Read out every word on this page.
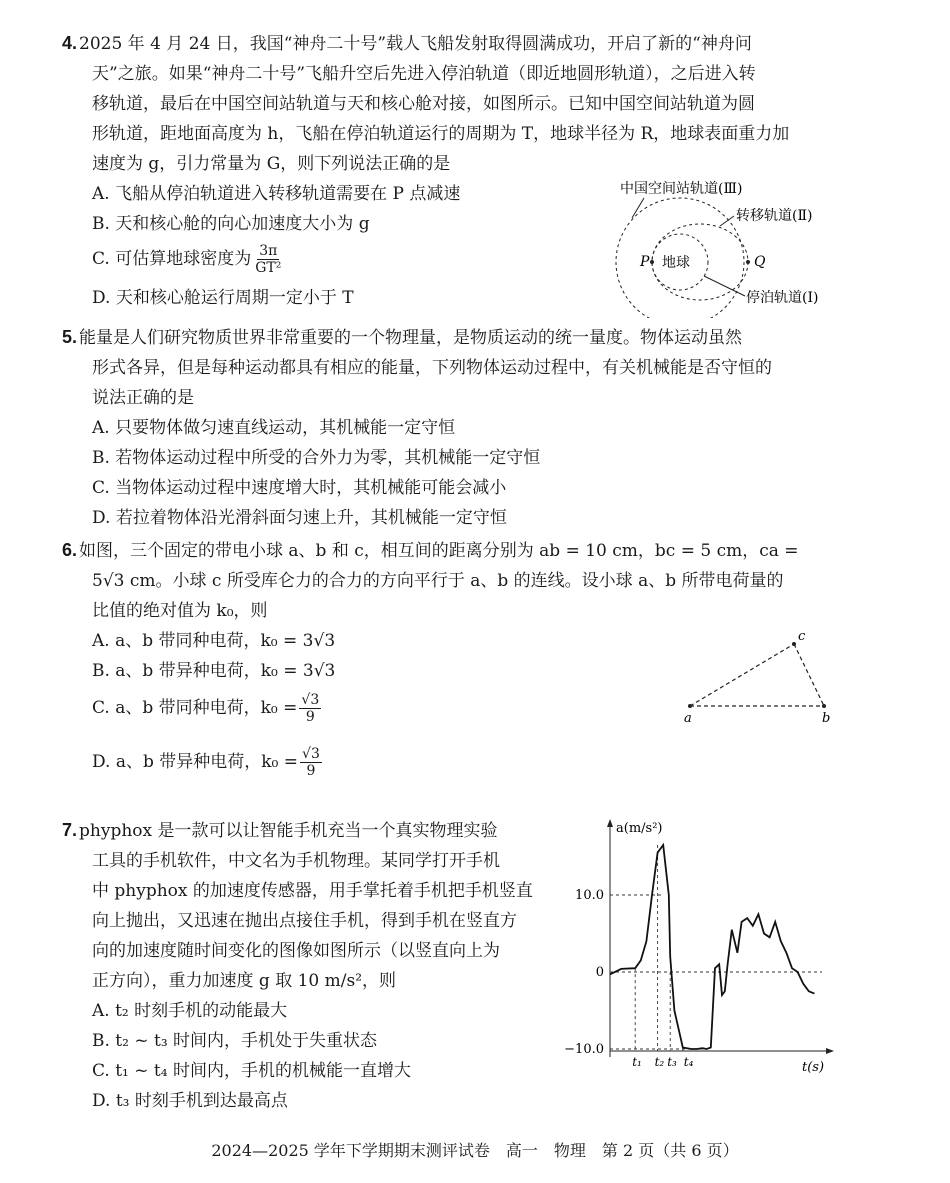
4. 2025 年 4 月 24 日，我国“神舟二十号”载人飞船发射取得圆满成功，开启了新的“神舟问
天”之旅。如果“神舟二十号”飞船升空后先进入停泊轨道（即近地圆形轨道），之后进入转
移轨道，最后在中国空间站轨道与天和核心舱对接，如图所示。已知中国空间站轨道为圆
形轨道，距地面高度为 h，飞船在停泊轨道运行的周期为 T，地球半径为 R，地球表面重力加
速度为 g，引力常量为 G，则下列说法正确的是
A. 飞船从停泊轨道进入转移轨道需要在 P 点减速
B. 天和核心舱的向心加速度大小为 g
C. 可估算地球密度为 $\frac{3\pi}{\text{GT²}}$
D. 天和核心舱运行周期一定小于 T
P	Q
地球
中国空间站轨道(Ⅲ)
转移轨道(Ⅱ)
停泊轨道(Ⅰ)
5. 能量是人们研究物质世界非常重要的一个物理量，是物质运动的统一量度。物体运动虽然
形式各异，但是每种运动都具有相应的能量，下列物体运动过程中，有关机械能是否守恒的
说法正确的是
A. 只要物体做匀速直线运动，其机械能一定守恒
B. 若物体运动过程中所受的合外力为零，其机械能一定守恒
C. 当物体运动过程中速度增大时，其机械能可能会减小
D. 若拉着物体沿光滑斜面匀速上升，其机械能一定守恒
6. 如图，三个固定的带电小球 a、b 和 c，相互间的距离分别为 ab = 10 cm，bc = 5 cm，ca =
5√3 cm。小球 c 所受库仑力的合力的方向平行于 a、b 的连线。设小球 a、b 所带电荷量的
比值的绝对值为 k₀，则
A. a、b 带同种电荷，k₀ = 3√3
B. a、b 带异种电荷，k₀ = 3√3
C. a、b 带同种电荷，$k_0 = \frac{√3}{9}$
D. a、b 带异种电荷，$k_0 = \frac{√3}{9}$
a	b
c
7. phyphox 是一款可以让智能手机充当一个真实物理实验
工具的手机软件，中文名为手机物理。某同学打开手机
中 phyphox 的加速度传感器，用手掌托着手机把手机竖直
向上抛出，又迅速在抛出点接住手机，得到手机在竖直方
向的加速度随时间变化的图像如图所示（以竖直向上为
正方向），重力加速度 g 取 10 m/s²，则
A. t₂ 时刻手机的动能最大
B. t₂ ~ t₃ 时间内，手机处于失重状态
C. t₁ ~ t₄ 时间内，手机的机械能一直增大
D. t₃ 时刻手机到达最高点
a(m/s²)
t(s)
10.0
0
−10.0
t₁ t₂ t₃ t₄
2024—2025 学年下学期期末测评试卷　高一　物理　第 2 页（共 6 页）
